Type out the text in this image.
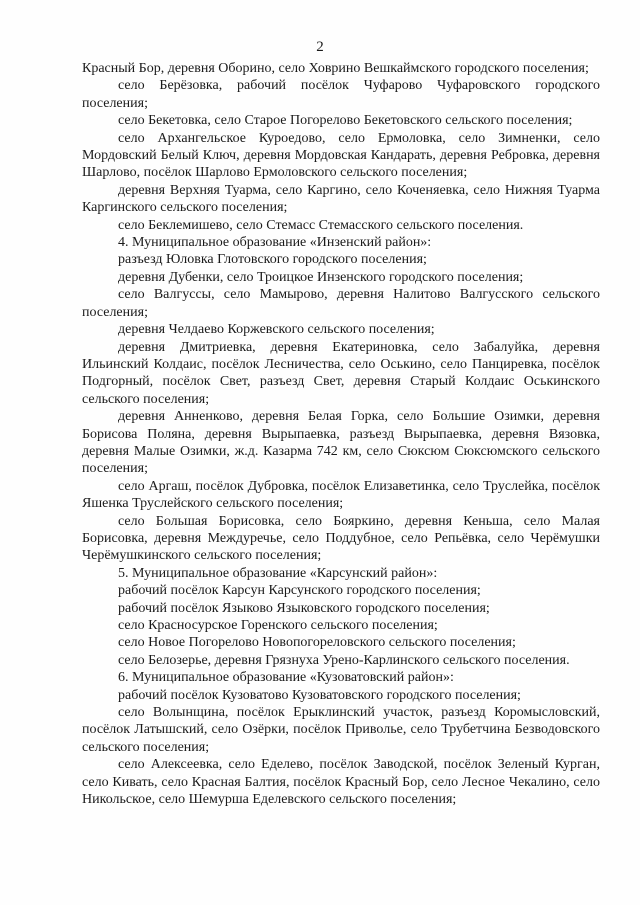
2

Красный Бор, деревня Оборино, село Ховрино Вешкаймского городского поселения;

село Берёзовка, рабочий посёлок Чуфарово Чуфаровского городского поселения;

село Бекетовка, село Старое Погорелово Бекетовского сельского поселения;

село Архангельское Куроедово, село Ермоловка, село Зимненки, село Мордовский Белый Ключ, деревня Мордовская Кандарать, деревня Ребровка, деревня Шарлово, посёлок Шарлово Ермоловского сельского поселения;

деревня Верхняя Туарма, село Каргино, село Коченяевка, село Нижняя Туарма Каргинского сельского поселения;

село Беклемишево, село Стемасс Стемасского сельского поселения.

4. Муниципальное образование «Инзенский район»:

разъезд Юловка Глотовского городского поселения;

деревня Дубенки, село Троицкое Инзенского городского поселения;

село Валгуссы, село Мамырово, деревня Налитово Валгусского сельского поселения;

деревня Челдаево Коржевского сельского поселения;

деревня Дмитриевка, деревня Екатериновка, село Забалуйка, деревня Ильинский Колдаис, посёлок Лесничества, село Оськино, село Панциревка, посёлок Подгорный, посёлок Свет, разъезд Свет, деревня Старый Колдаис Оськинского сельского поселения;

деревня Анненково, деревня Белая Горка, село Большие Озимки, деревня Борисова Поляна, деревня Вырыпаевка, разъезд Вырыпаевка, деревня Вязовка, деревня Малые Озимки, ж.д. Казарма 742 км, село Сюксюм Сюксюмского сельского поселения;

село Аргаш, посёлок Дубровка, посёлок Елизаветинка, село Труслейка, посёлок Яшенка Труслейского сельского поселения;

село Большая Борисовка, село Бояркино, деревня Кеньша, село Малая Борисовка, деревня Междуречье, село Поддубное, село Репьёвка, село Черёмушки Черёмушкинского сельского поселения;

5. Муниципальное образование «Карсунский район»:

рабочий посёлок Карсун Карсунского городского поселения;

рабочий посёлок Языково Языковского городского поселения;

село Красносурское Горенского сельского поселения;

село Новое Погорелово Новопогореловского сельского поселения;

село Белозерье, деревня Грязнуха Урено-Карлинского сельского поселения.

6. Муниципальное образование «Кузоватовский район»:

рабочий посёлок Кузоватово Кузоватовского городского поселения;

село Волынщина, посёлок Ерыклинский участок, разъезд Коромысловский, посёлок Латышский, село Озёрки, посёлок Приволье, село Трубетчина Безводовского сельского поселения;

село Алексеевка, село Еделево, посёлок Заводской, посёлок Зеленый Курган, село Кивать, село Красная Балтия, посёлок Красный Бор, село Лесное Чекалино, село Никольское, село Шемурша Еделевского сельского поселения;
